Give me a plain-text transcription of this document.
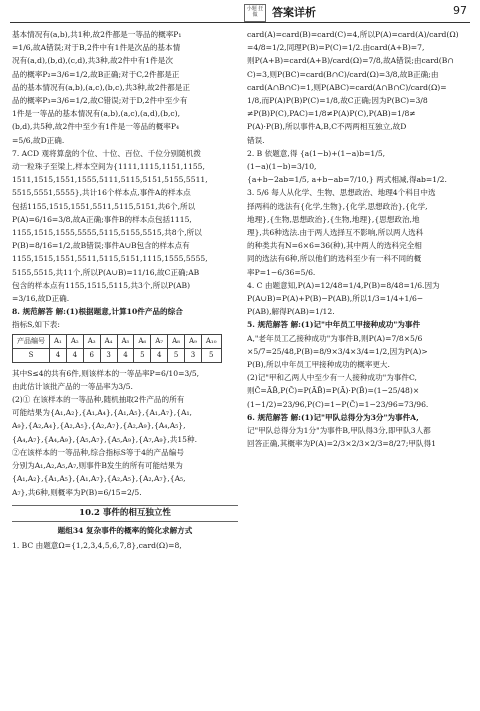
小题 狂做	答案详析	97

基本情况有(a,b),共1种,故2件都是一等品的概率P₁

=1/6,故A错误;对于B,2件中有1件是次品的基本情

况有(a,d),(b,d),(c,d),共3种,故2件中有1件是次

品的概率P₂=3/6=1/2,故B正确;对于C,2件都是正

品的基本情况有(a,b),(a,c),(b,c),共3种,故2件都是正

品的概率P₃=3/6=1/2,故C错误;对于D,2件中至少有

1件是一等品的基本情况有(a,b),(a,c),(a,d),(b,c),

(b,d),共5种,故2件中至少有1件是一等品的概率P₄

=5/6,故D正确.

7. ACD 观将算盘的个位、十位、百位、千位分别随机拨

动一粒珠子至梁上,样本空间为{1111,1115,1151,1155,

1511,1515,1551,1555,5111,5115,5151,5155,5511,

5515,5551,5555},共计16个样本点,事件A的样本点

包括1155,1515,1551,5511,5115,5151,共6个,所以

P(A)=6/16=3/8,故A正确;事件B的样本点包括1115,

1155,1515,1555,5555,5115,5155,5515,共8个,所以

P(B)=8/16=1/2,故B错误;事件A∪B包含的样本点有

1155,1515,1551,5511,5115,5151,1115,1555,5555,

5155,5515,共11个,所以P(A∪B)=11/16,故C正确;AB

包含的样本点有1155,1515,5115,共3个,所以P(AB)

=3/16,故D正确.

8. 规范解答 解:(1)根据题意,计算10件产品的综合

指标S,如下表:

产品编号	A₁	A₂	A₃	A₄	A₅	A₆	A₇	A₈	A₉	A₁₀
S	4	4	6	3	4	5	4	5	3	5

其中S≤4的共有6件,则该样本的一等品率P=6/10=3/5,

由此估计该批产品的一等品率为3/5.

(2)① 在该样本的一等品种,随机抽取2件产品的所有

可能结果为{A₁,A₂},{A₁,A₄},{A₁,A₅},{A₁,A₇},{A₁,

A₉},{A₂,A₄},{A₂,A₅},{A₂,A₇},{A₂,A₉},{A₄,A₅},

{A₄,A₇},{A₄,A₉},{A₅,A₇},{A₅,A₉},{A₇,A₉},共15种.

②在该样本的一等品种,综合指标S等于4的产品编号

分别为A₁,A₂,A₅,A₇,则事件B发生的所有可能结果为

{A₁,A₂},{A₁,A₅},{A₁,A₇},{A₂,A₅},{A₂,A₇},{A₅,

A₇},共6种,则概率为P(B)=6/15=2/5.

10.2 事件的相互独立性
题组34 复杂事件的概率的简化求解方式

1. BC 由题意Ω={1,2,3,4,5,6,7,8},card(Ω)=8,

card(A)=card(B)=card(C)=4,所以P(A)=card(A)/card(Ω)

=4/8=1/2,同理P(B)=P(C)=1/2.由card(A+B)=7,

则P(A+B)=card(A+B)/card(Ω)=7/8,故A错误;由card(B∩

C)=3,则P(BC)=card(B∩C)/card(Ω)=3/8,故B正确;由

card(A∩B∩C)=1,则P(ABC)=card(A∩B∩C)/card(Ω)=

1/8,而P(A)P(B)P(C)=1/8,故C正确;因为P(BC)=3/8

≠P(B)P(C),PAC)=1/8≠P(A)P(C),P(AB)=1/8≠

P(A)·P(B),所以事件A,B,C不两两相互独立,故D

错误.

2. B 依题意,得 {a(1−b)+(1−a)b=1/5,

(1−a)(1−b)=3/10,

{a+b−2ab=1/5, a+b−ab=7/10,} 两式相减,得ab=1/2.

3. 5/6 每人从化学、生物、思想政治、地理4个科目中选

择两科的选法有{化学,生物},{化学,思想政治},{化学,

地理},{生物,思想政治},{生物,地理},{思想政治,地

理},共6种选法.由于两人选择互不影响,所以两人选科

的种类共有N=6×6=36(种),其中两人的选科完全相

同的选法有6种,所以他们的选科至少有一科不同的概

率P=1−6/36=5/6.

4. C 由题意知,P(A)=12/48=1/4,P(B)=8/48=1/6.因为

P(A∪B)=P(A)+P(B)−P(AB),所以1/3=1/4+1/6−

P(AB),解得P(AB)=1/12.

5. 规范解答 解:(1)记"中年员工甲接种成功"为事件

A,"老年员工乙接种成功"为事件B,则P(A)=7/8×5/6

×5/7=25/48,P(B)=8/9×3/4×3/4=1/2,因为P(A)>

P(B),所以中年员工甲接种成功的概率更大.

(2)记"甲和乙两人中至少有一人接种成功"为事件C,

则C̄=ĀB̄,P(C̄)=P(ĀB̄)=P(Ā)·P(B̄)=(1−25/48)×

(1−1/2)=23/96,P(C)=1−P(C̄)=1−23/96=73/96.

6. 规范解答 解:(1)记"甲队总得分为3分"为事件A,

记"甲队总得分为1分"为事件B,甲队得3分,即甲队3人都

回答正确,其概率为P(A)=2/3×2/3×2/3=8/27;甲队得1
